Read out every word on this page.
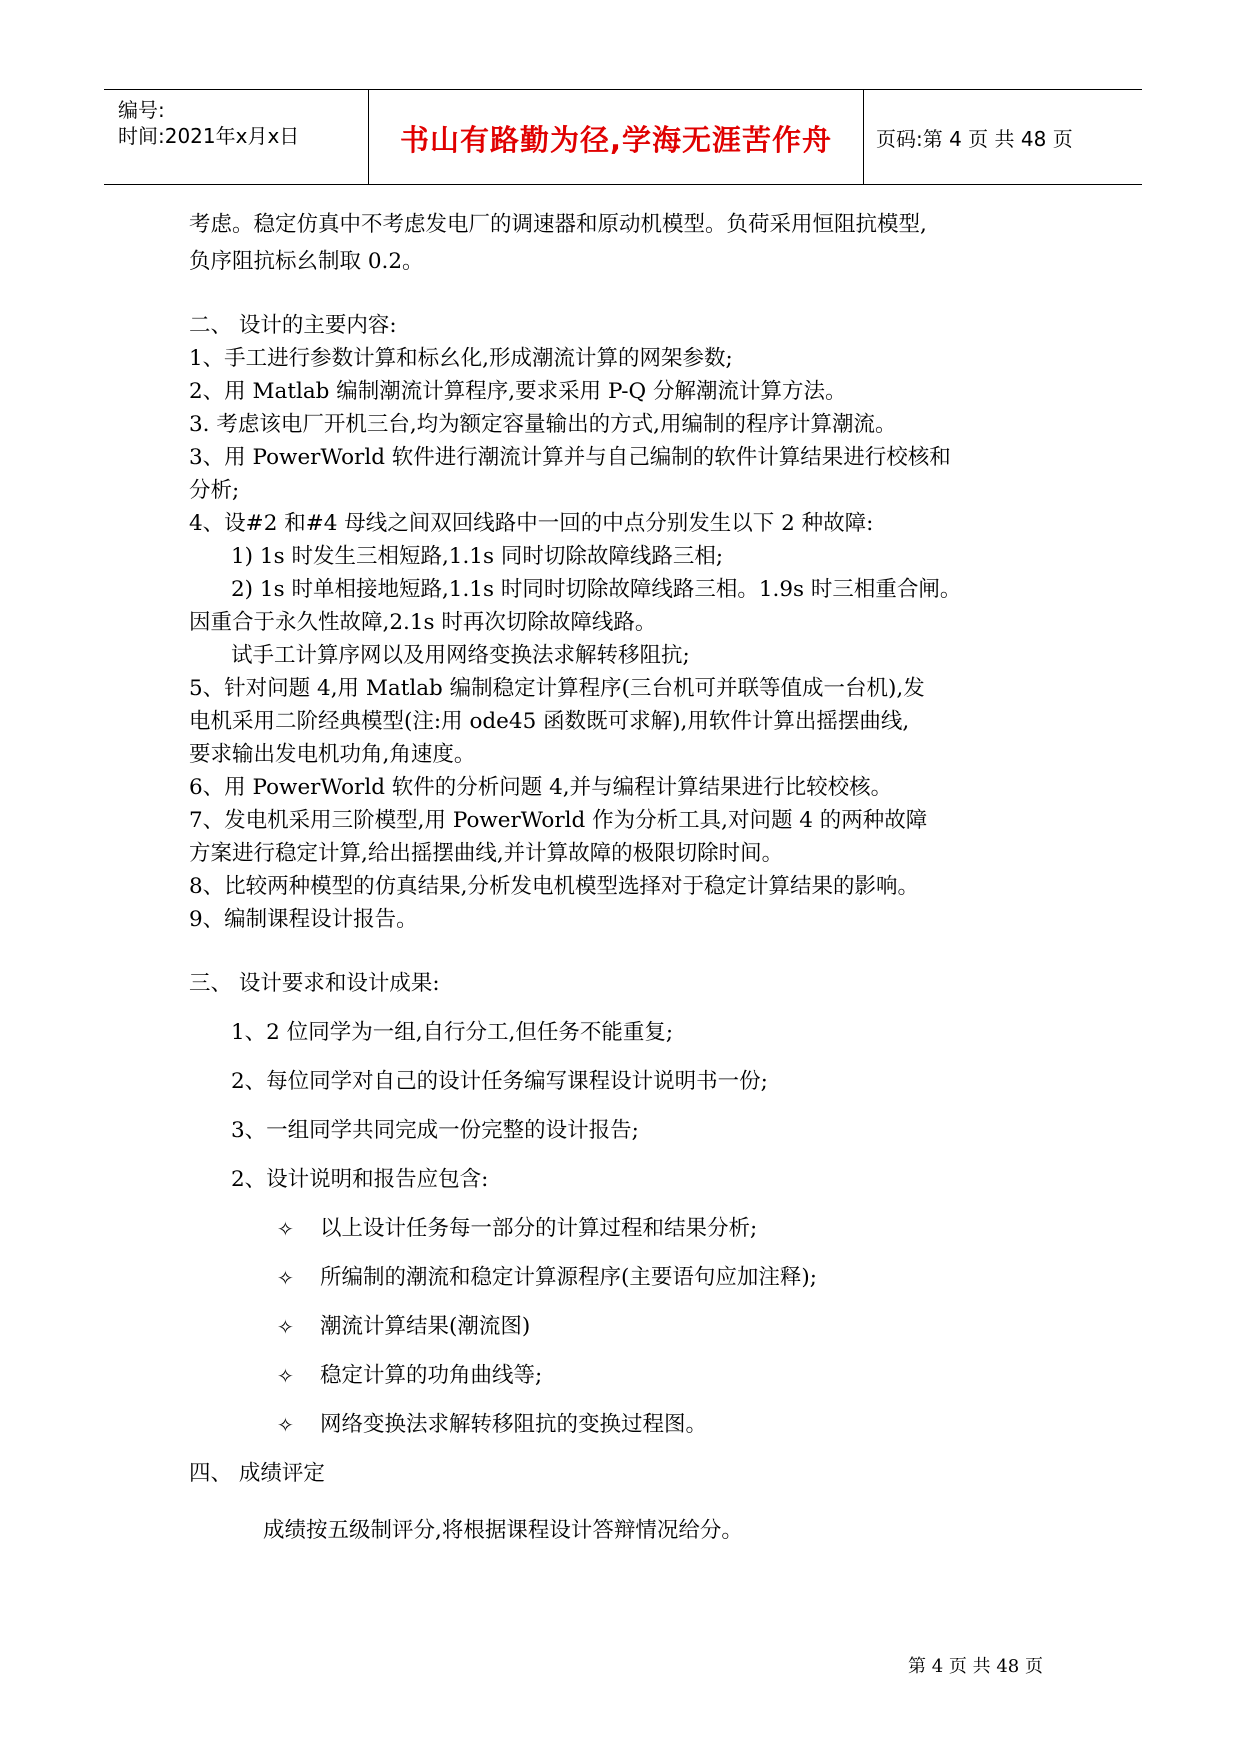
编号:
时间:2021年x月x日	书山有路勤为径,学海无涯苦作舟	页码:第 4 页 共 48 页
考虑。稳定仿真中不考虑发电厂的调速器和原动机模型。负荷采用恒阻抗模型,
负序阻抗标幺制取 0.2。
二、 设计的主要内容:
1、手工进行参数计算和标幺化,形成潮流计算的网架参数;
2、用 Matlab 编制潮流计算程序,要求采用 P-Q 分解潮流计算方法。
3. 考虑该电厂开机三台,均为额定容量输出的方式,用编制的程序计算潮流。
3、用 PowerWorld 软件进行潮流计算并与自己编制的软件计算结果进行校核和
分析;
4、设#2 和#4 母线之间双回线路中一回的中点分别发生以下 2 种故障:
1) 1s 时发生三相短路,1.1s 同时切除故障线路三相;
2) 1s 时单相接地短路,1.1s 时同时切除故障线路三相。1.9s 时三相重合闸。
因重合于永久性故障,2.1s 时再次切除故障线路。
试手工计算序网以及用网络变换法求解转移阻抗;
5、针对问题 4,用 Matlab 编制稳定计算程序(三台机可并联等值成一台机),发
电机采用二阶经典模型(注:用 ode45 函数既可求解),用软件计算出摇摆曲线,
要求输出发电机功角,角速度。
6、用 PowerWorld 软件的分析问题 4,并与编程计算结果进行比较校核。
7、发电机采用三阶模型,用 PowerWorld 作为分析工具,对问题 4 的两种故障
方案进行稳定计算,给出摇摆曲线,并计算故障的极限切除时间。
8、比较两种模型的仿真结果,分析发电机模型选择对于稳定计算结果的影响。
9、编制课程设计报告。
三、 设计要求和设计成果:
1、2 位同学为一组,自行分工,但任务不能重复;
2、每位同学对自己的设计任务编写课程设计说明书一份;
3、一组同学共同完成一份完整的设计报告;
2、设计说明和报告应包含:
✧ 以上设计任务每一部分的计算过程和结果分析;
✧ 所编制的潮流和稳定计算源程序(主要语句应加注释);
✧ 潮流计算结果(潮流图)
✧ 稳定计算的功角曲线等;
✧ 网络变换法求解转移阻抗的变换过程图。
四、 成绩评定
成绩按五级制评分,将根据课程设计答辩情况给分。
第 4 页 共 48 页
